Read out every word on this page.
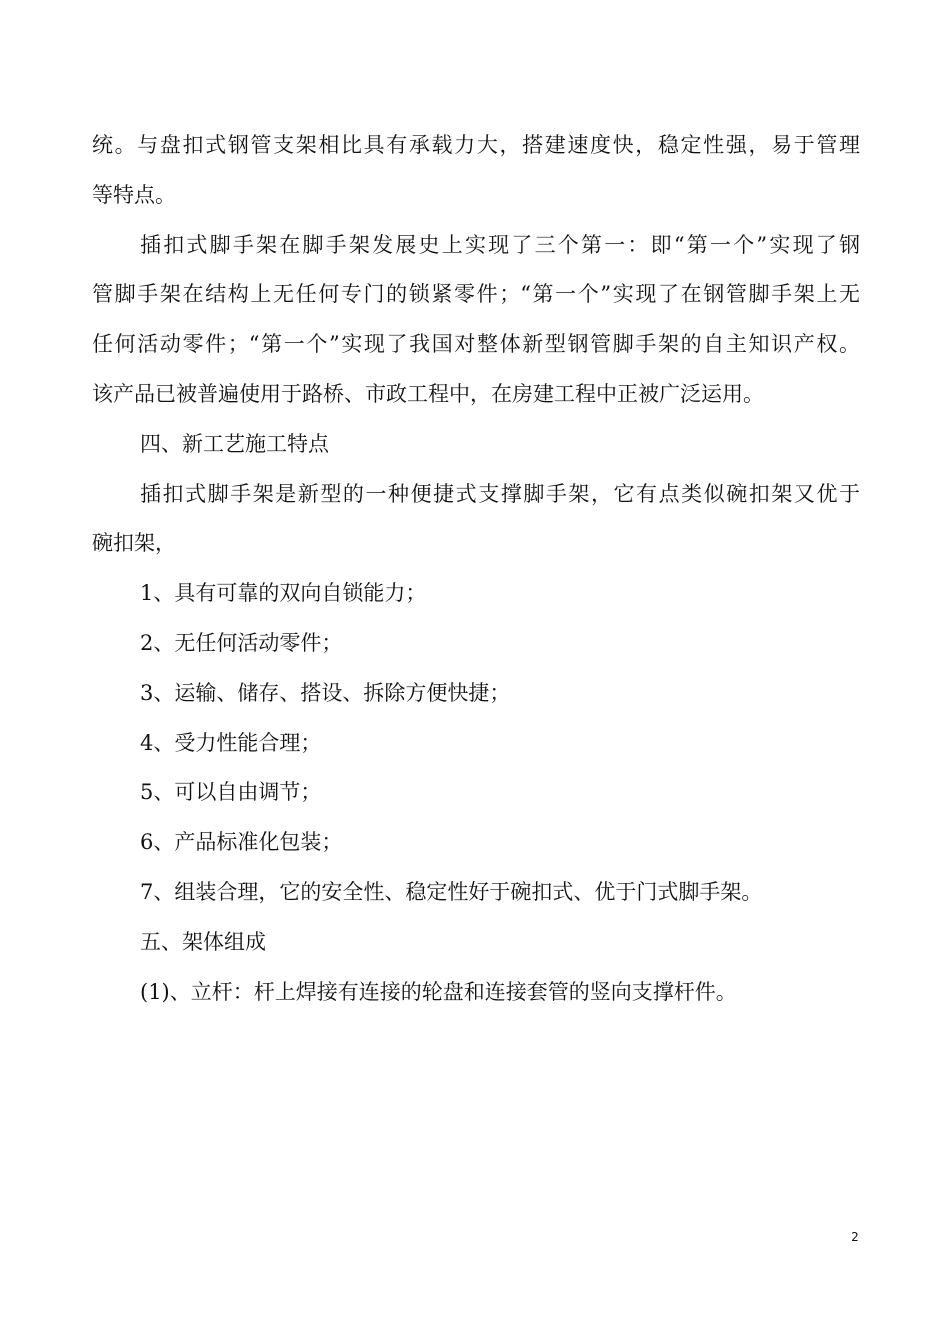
统。与盘扣式钢管支架相比具有承载力大，搭建速度快，稳定性强，易于管理
等特点。
插扣式脚手架在脚手架发展史上实现了三个第一：即“第一个”实现了钢
管脚手架在结构上无任何专门的锁紧零件；“第一个”实现了在钢管脚手架上无
任何活动零件；“第一个”实现了我国对整体新型钢管脚手架的自主知识产权。
该产品已被普遍使用于路桥、市政工程中，在房建工程中正被广泛运用。
四、新工艺施工特点
插扣式脚手架是新型的一种便捷式支撑脚手架，它有点类似碗扣架又优于
碗扣架，
1、具有可靠的双向自锁能力；
2、无任何活动零件；
3、运输、储存、搭设、拆除方便快捷；
4、受力性能合理；
5、可以自由调节；
6、产品标准化包装；
7、组装合理，它的安全性、稳定性好于碗扣式、优于门式脚手架。
五、架体组成
(1)、立杆：杆上焊接有连接的轮盘和连接套管的竖向支撑杆件。
2
